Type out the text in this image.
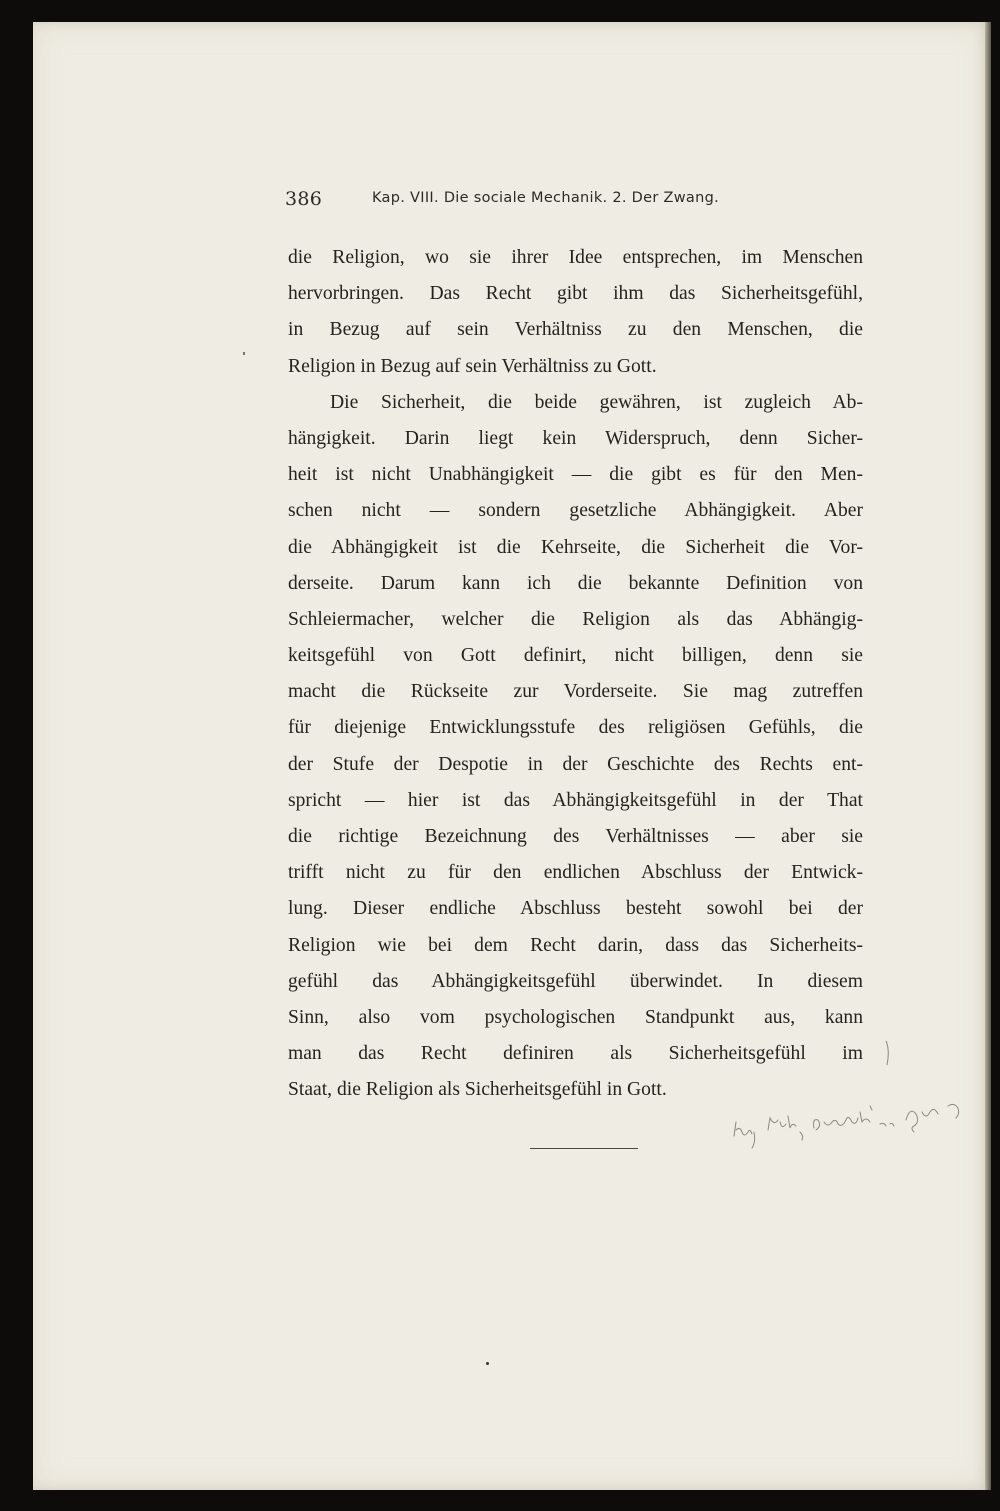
386	Kap. VIII. Die sociale Mechanik. 2. Der Zwang.
die Religion, wo sie ihrer Idee entsprechen, im Menschen
hervorbringen. Das Recht gibt ihm das Sicherheitsgefühl,
in Bezug auf sein Verhältniss zu den Menschen, die
Religion in Bezug auf sein Verhältniss zu Gott.
Die Sicherheit, die beide gewähren, ist zugleich Ab-
hängigkeit. Darin liegt kein Widerspruch, denn Sicher-
heit ist nicht Unabhängigkeit — die gibt es für den Men-
schen nicht — sondern gesetzliche Abhängigkeit. Aber
die Abhängigkeit ist die Kehrseite, die Sicherheit die Vor-
derseite. Darum kann ich die bekannte Definition von
Schleiermacher, welcher die Religion als das Abhängig-
keitsgefühl von Gott definirt, nicht billigen, denn sie
macht die Rückseite zur Vorderseite. Sie mag zutreffen
für diejenige Entwicklungsstufe des religiösen Gefühls, die
der Stufe der Despotie in der Geschichte des Rechts ent-
spricht — hier ist das Abhängigkeitsgefühl in der That
die richtige Bezeichnung des Verhältnisses — aber sie
trifft nicht zu für den endlichen Abschluss der Entwick-
lung. Dieser endliche Abschluss besteht sowohl bei der
Religion wie bei dem Recht darin, dass das Sicherheits-
gefühl das Abhängigkeitsgefühl überwindet. In diesem
Sinn, also vom psychologischen Standpunkt aus, kann
man das Recht definiren als Sicherheitsgefühl im
Staat, die Religion als Sicherheitsgefühl in Gott.
